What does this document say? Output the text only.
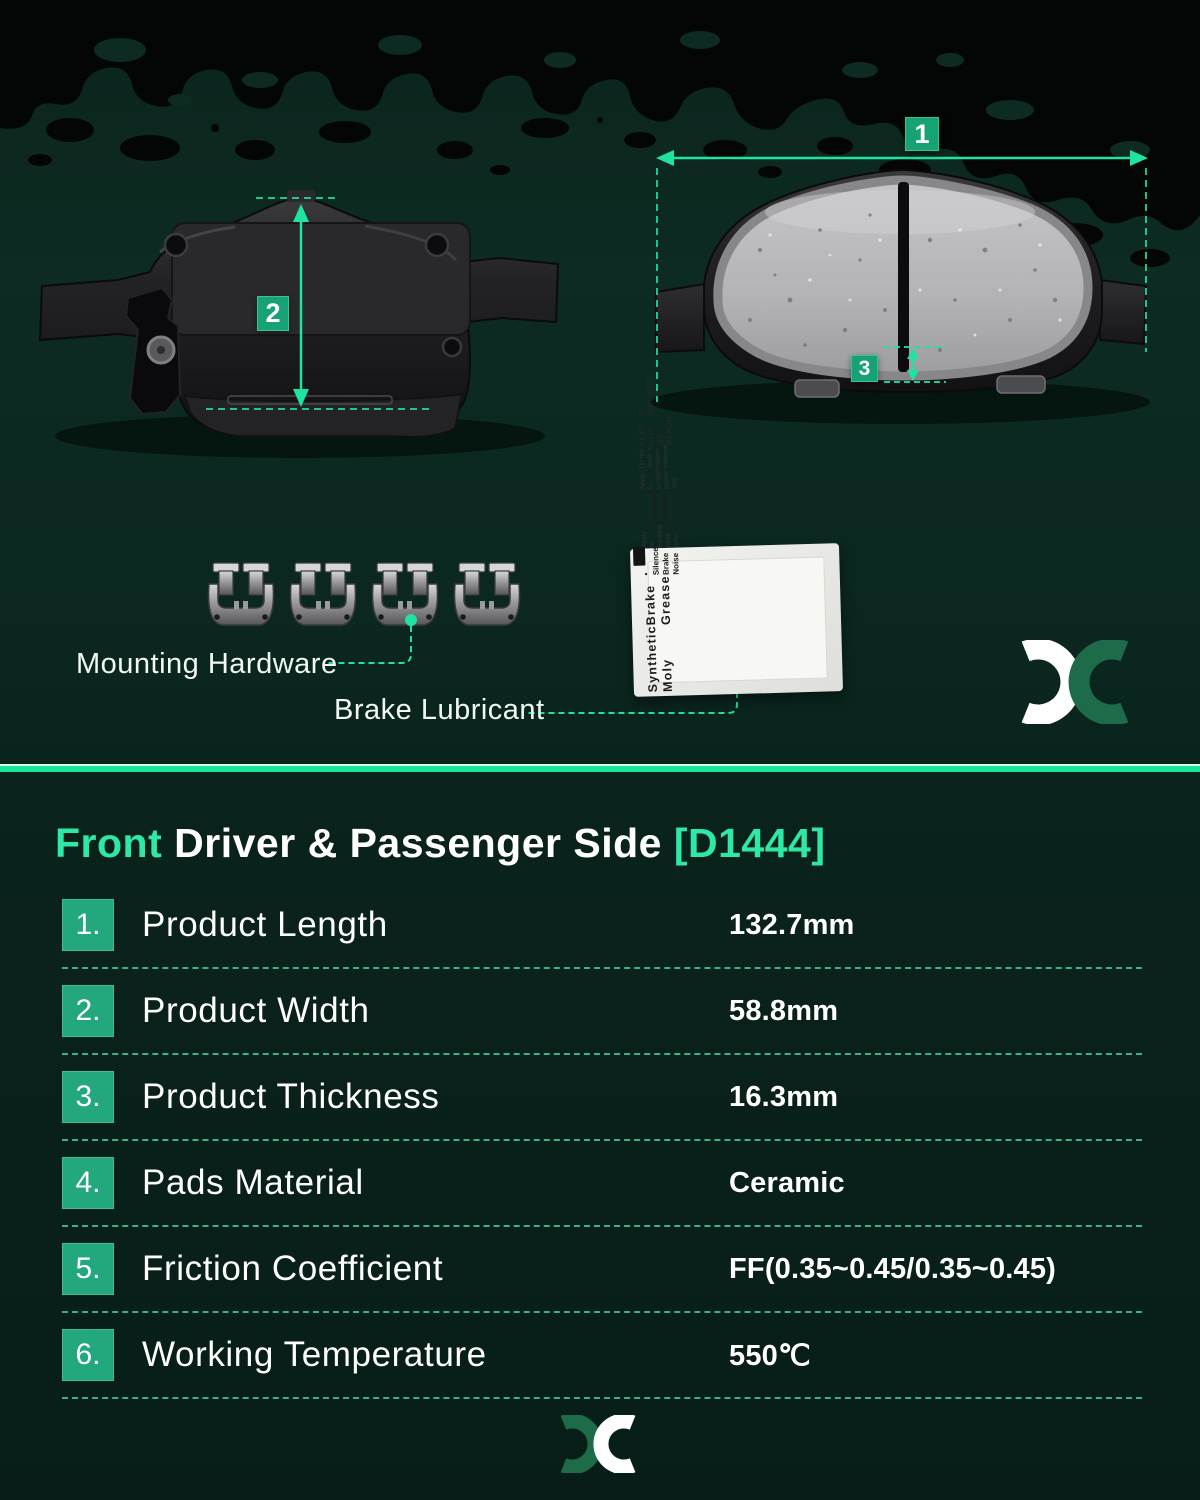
1
2
3
Mounting Hardware
Brake Lubricant
Synthetic Moly
Brake Grease
• Silence Brake Noise
Apply to backing plate only
• Lubricate Calipers
Apply to contact points only
Do not apply to friction material
KEEP OUT OF REACH
OF CHILDREN
Front Driver & Passenger Side [D1444]
1.	Product Length	132.7mm
2.	Product Width	58.8mm
3.	Product Thickness	16.3mm
4.	Pads Material	Ceramic
5.	Friction Coefficient	FF(0.35~0.45/0.35~0.45)
6.	Working Temperature	550℃
